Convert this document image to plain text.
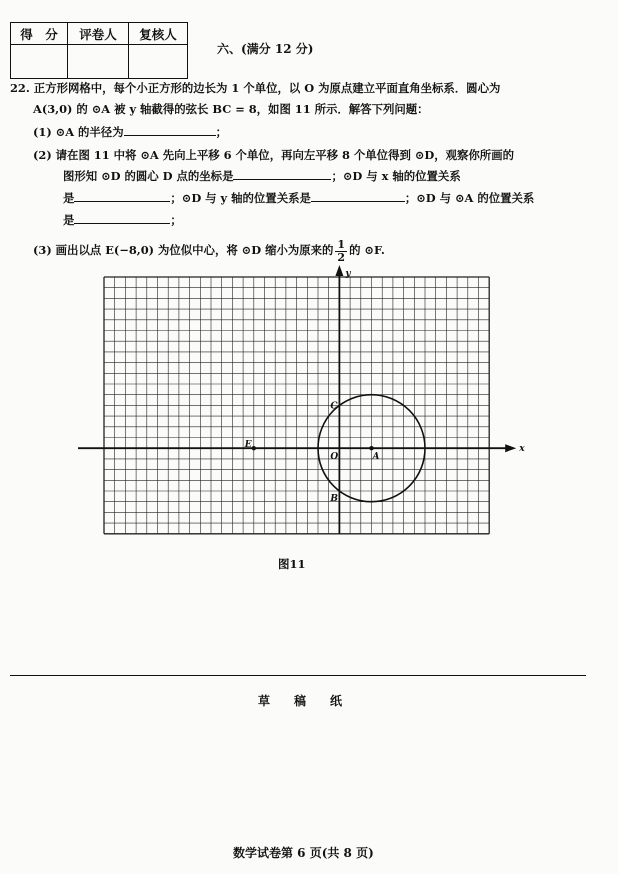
得　分	评卷人	复核人

六、(满分 12 分)
22. 正方形网格中，每个小正方形的边长为 1 个单位，以 O 为原点建立平面直角坐标系．圆心为
A(3,0) 的 ⊙A 被 y 轴截得的弦长 BC = 8，如图 11 所示．解答下列问题：
(1) ⊙A 的半径为	；
(2) 请在图 11 中将 ⊙A 先向上平移 6 个单位，再向左平移 8 个单位得到 ⊙D，观察你所画的
图形知 ⊙D 的圆心 D 点的坐标是	；⊙D 与 x 轴的位置关系
是	；⊙D 与 y 轴的位置关系是	；⊙D 与 ⊙A 的位置关系
是	；
(3) 画出以点 E(−8,0) 为位似中心，将 ⊙D 缩小为原来的 $\frac{1}{2}$ 的 ⊙F.
x
y
O	A
B
C
E
图11
草　　稿　　纸
数学试卷第 6 页(共 8 页)
